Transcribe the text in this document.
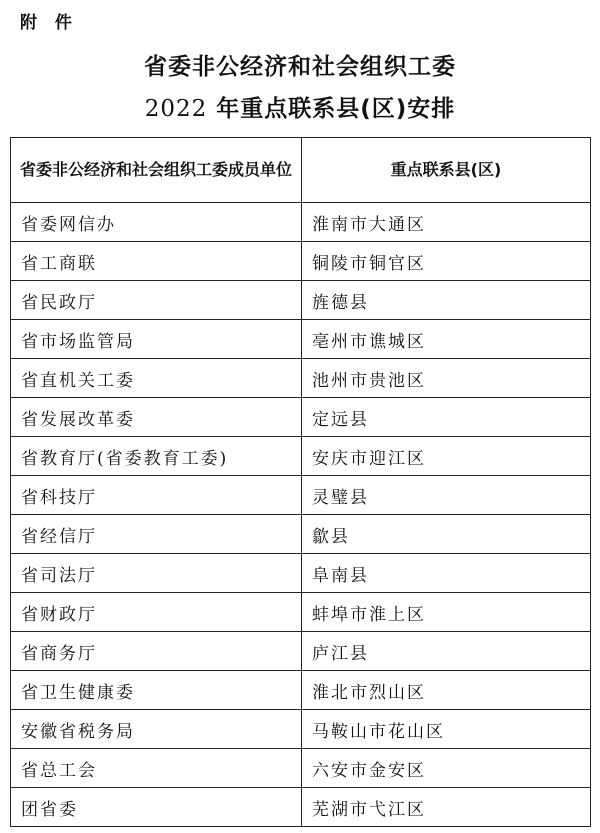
附 件
省委非公经济和社会组织工委
2022 年重点联系县(区)安排
省委非公经济和社会组织工委成员单位	重点联系县(区)
省委网信办	淮南市大通区
省工商联	铜陵市铜官区
省民政厅	旌德县
省市场监管局	亳州市谯城区
省直机关工委	池州市贵池区
省发展改革委	定远县
省教育厅(省委教育工委)	安庆市迎江区
省科技厅	灵璧县
省经信厅	歙县
省司法厅	阜南县
省财政厅	蚌埠市淮上区
省商务厅	庐江县
省卫生健康委	淮北市烈山区
安徽省税务局	马鞍山市花山区
省总工会	六安市金安区
团省委	芜湖市弋江区
